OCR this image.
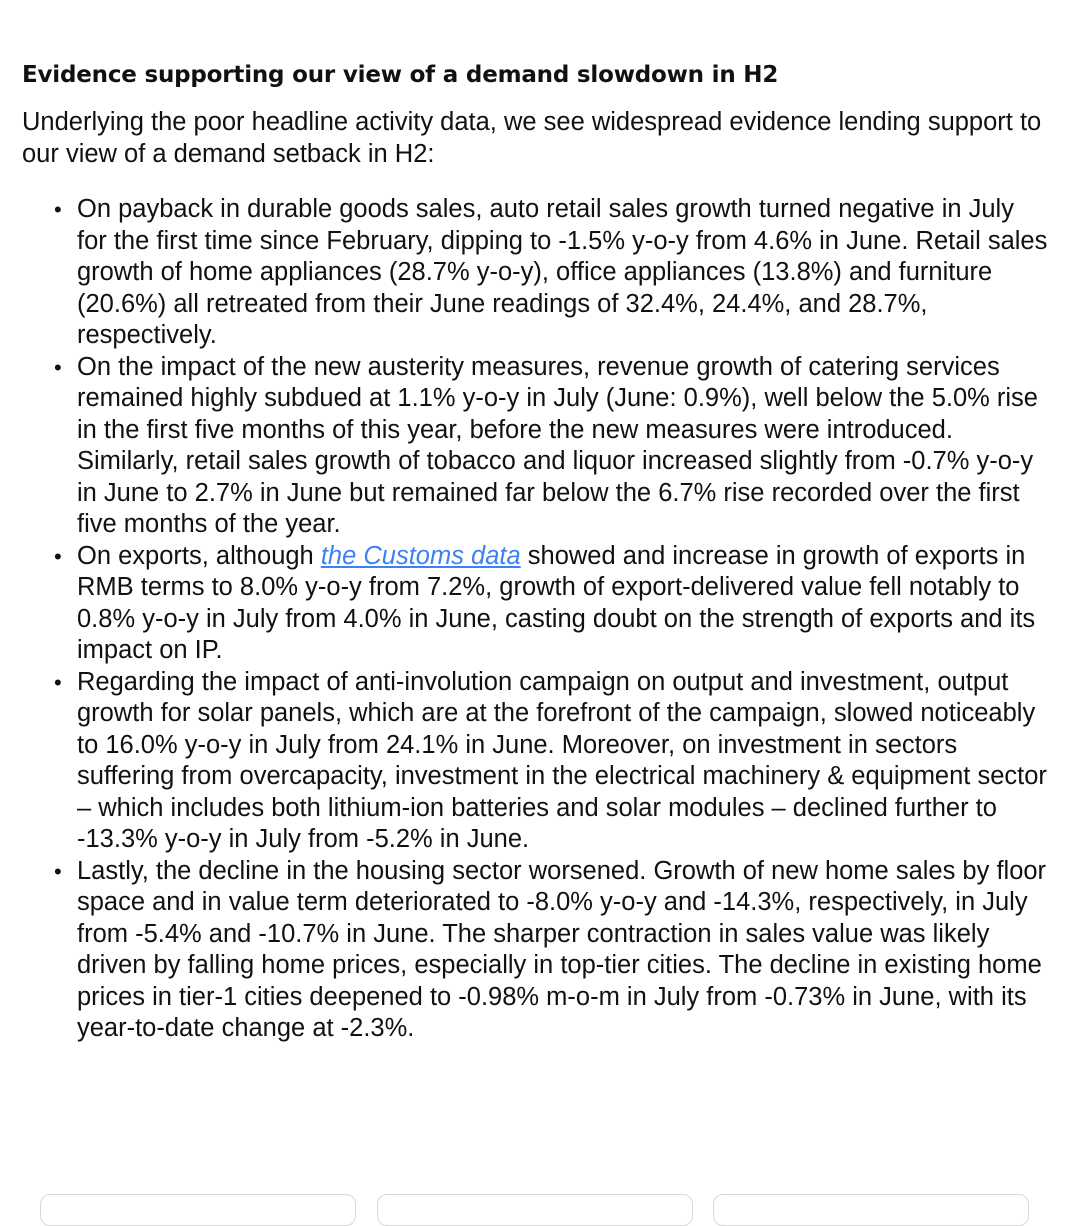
Evidence supporting our view of a demand slowdown in H2
Underlying the poor headline activity data, we see widespread evidence lending support to our view of a demand setback in H2:
• On payback in durable goods sales, auto retail sales growth turned negative in July for the first time since February, dipping to -1.5% y-o-y from 4.6% in June. Retail sales growth of home appliances (28.7% y-o-y), office appliances (13.8%) and furniture (20.6%) all retreated from their June readings of 32.4%, 24.4%, and 28.7%, respectively.
• On the impact of the new austerity measures, revenue growth of catering services remained highly subdued at 1.1% y-o-y in July (June: 0.9%), well below the 5.0% rise in the first five months of this year, before the new measures were introduced. Similarly, retail sales growth of tobacco and liquor increased slightly from -0.7% y-o-y in June to 2.7% in June but remained far below the 6.7% rise recorded over the first five months of the year.
• On exports, although the Customs data showed and increase in growth of exports in RMB terms to 8.0% y-o-y from 7.2%, growth of export-delivered value fell notably to 0.8% y-o-y in July from 4.0% in June, casting doubt on the strength of exports and its impact on IP.
• Regarding the impact of anti-involution campaign on output and investment, output growth for solar panels, which are at the forefront of the campaign, slowed noticeably to 16.0% y-o-y in July from 24.1% in June. Moreover, on investment in sectors suffering from overcapacity, investment in the electrical machinery & equipment sector – which includes both lithium-ion batteries and solar modules – declined further to -13.3% y-o-y in July from -5.2% in June.
• Lastly, the decline in the housing sector worsened. Growth of new home sales by floor space and in value term deteriorated to -8.0% y-o-y and -14.3%, respectively, in July from -5.4% and -10.7% in June. The sharper contraction in sales value was likely driven by falling home prices, especially in top-tier cities. The decline in existing home prices in tier-1 cities deepened to -0.98% m-o-m in July from -0.73% in June, with its year-to-date change at -2.3%.
